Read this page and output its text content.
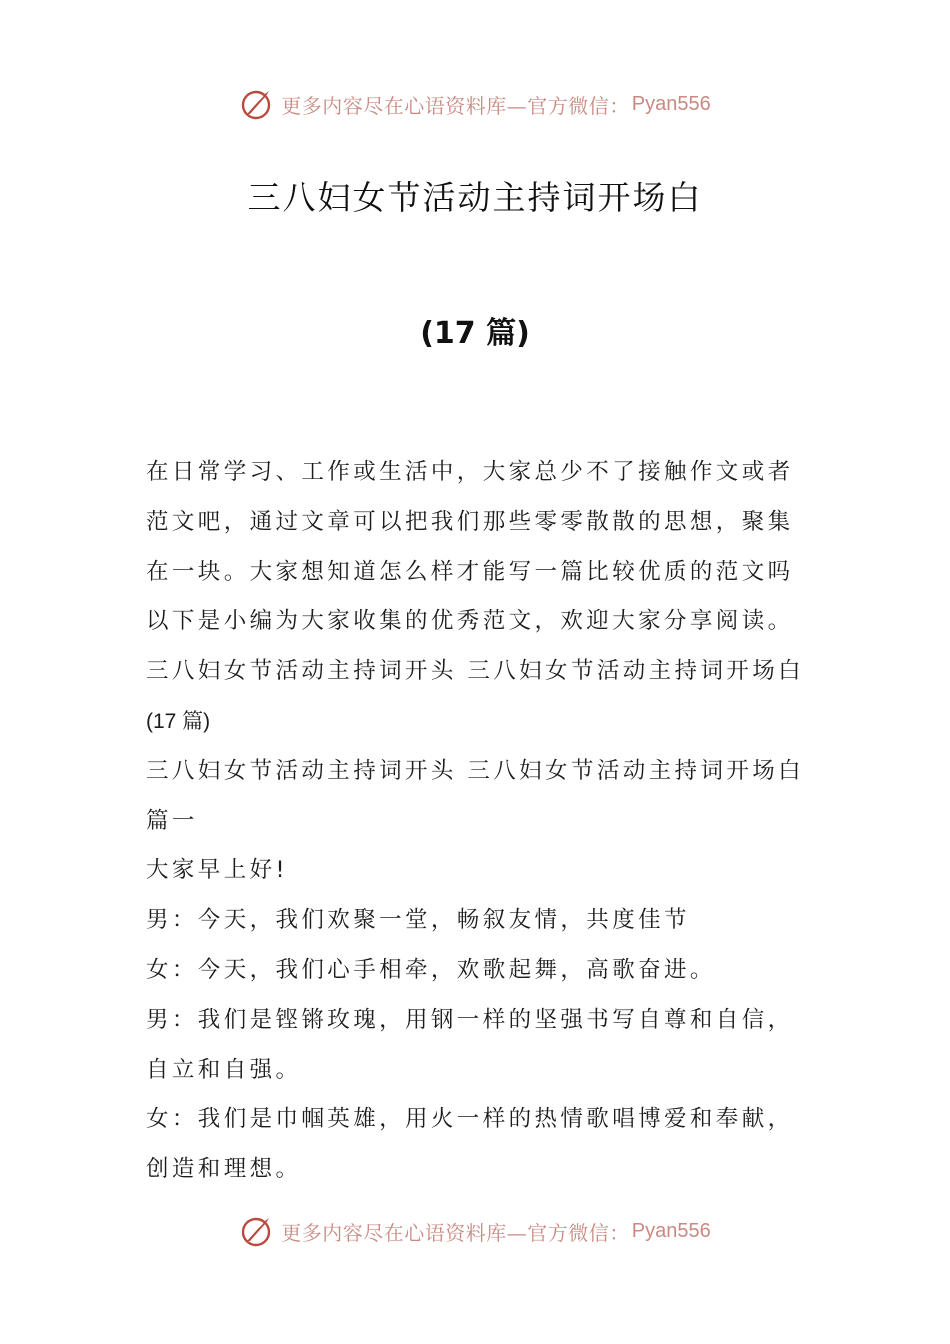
更多内容尽在心语资料库—官方微信： Pyan556
三八妇女节活动主持词开场白
(17 篇)
在日常学习、工作或生活中，大家总少不了接触作文或者
范文吧，通过文章可以把我们那些零零散散的思想，聚集
在一块。大家想知道怎么样才能写一篇比较优质的范文吗
以下是小编为大家收集的优秀范文，欢迎大家分享阅读。
三八妇女节活动主持词开头 三八妇女节活动主持词开场白
(17 篇)
三八妇女节活动主持词开头 三八妇女节活动主持词开场白
篇一
大家早上好!
男：今天，我们欢聚一堂，畅叙友情，共度佳节
女：今天，我们心手相牵，欢歌起舞，高歌奋进。
男：我们是铿锵玫瑰，用钢一样的坚强书写自尊和自信，
自立和自强。
女：我们是巾帼英雄，用火一样的热情歌唱博爱和奉献，
创造和理想。
更多内容尽在心语资料库—官方微信： Pyan556
